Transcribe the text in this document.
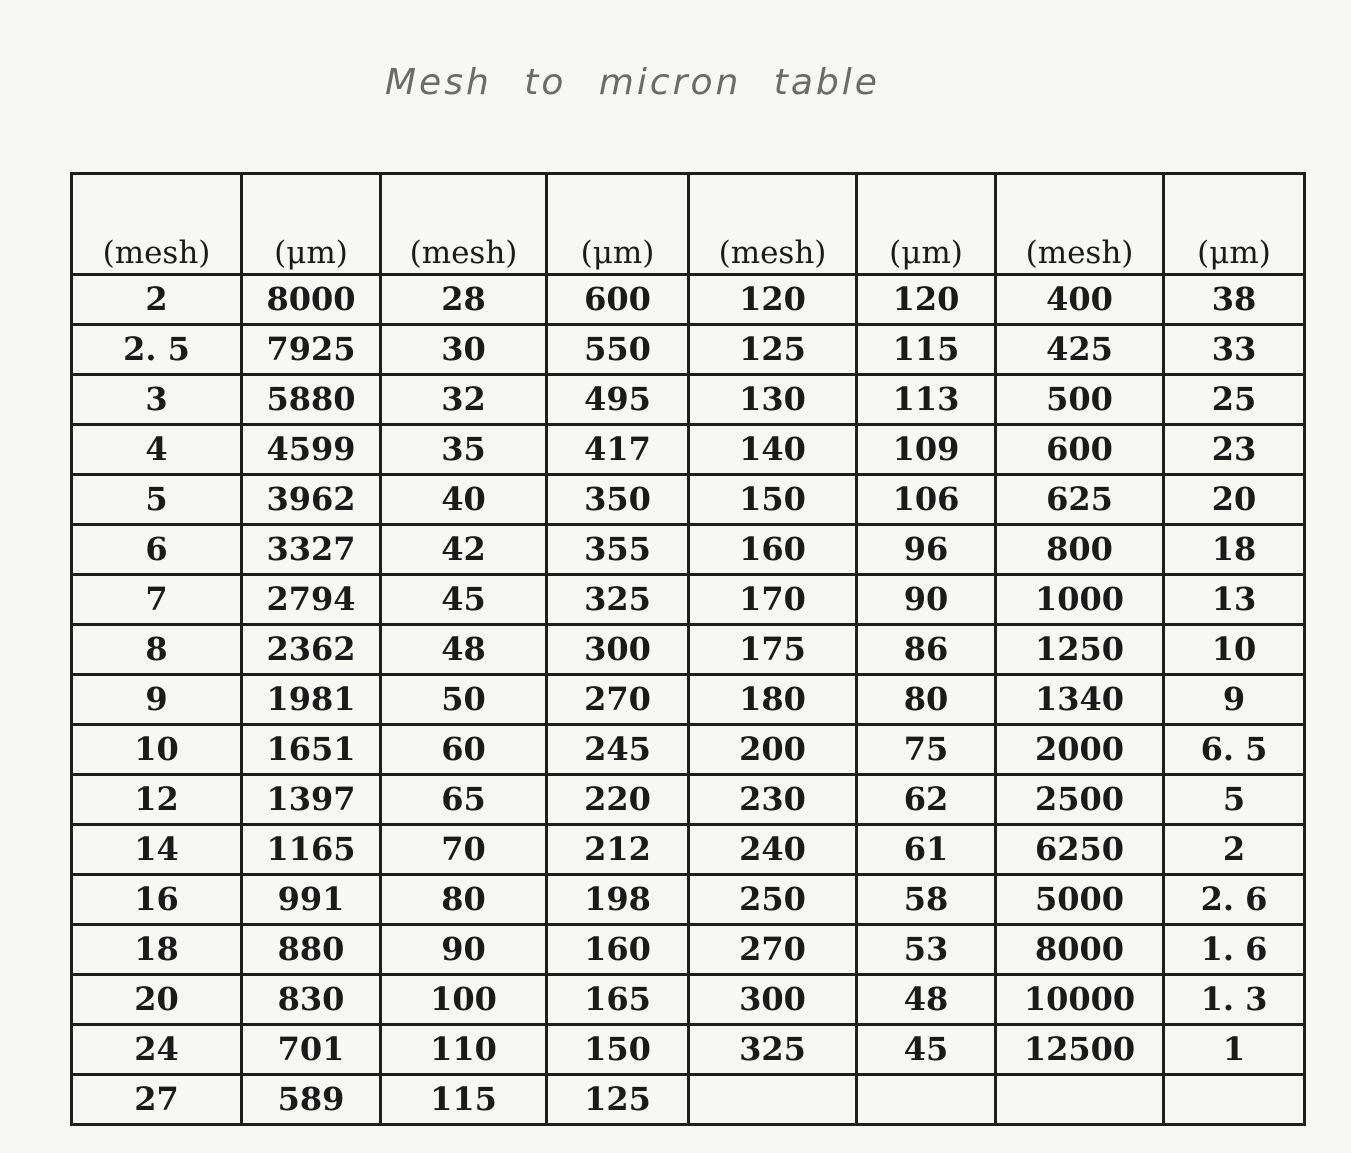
Mesh to micron table
(mesh)	(μm)	(mesh)	(μm)	(mesh)	(μm)	(mesh)	(μm)
2	8000	28	600	120	120	400	38
2. 5	7925	30	550	125	115	425	33
3	5880	32	495	130	113	500	25
4	4599	35	417	140	109	600	23
5	3962	40	350	150	106	625	20
6	3327	42	355	160	96	800	18
7	2794	45	325	170	90	1000	13
8	2362	48	300	175	86	1250	10
9	1981	50	270	180	80	1340	9
10	1651	60	245	200	75	2000	6. 5
12	1397	65	220	230	62	2500	5
14	1165	70	212	240	61	6250	2
16	991	80	198	250	58	5000	2. 6
18	880	90	160	270	53	8000	1. 6
20	830	100	165	300	48	10000	1. 3
24	701	110	150	325	45	12500	1
27	589	115	125				
